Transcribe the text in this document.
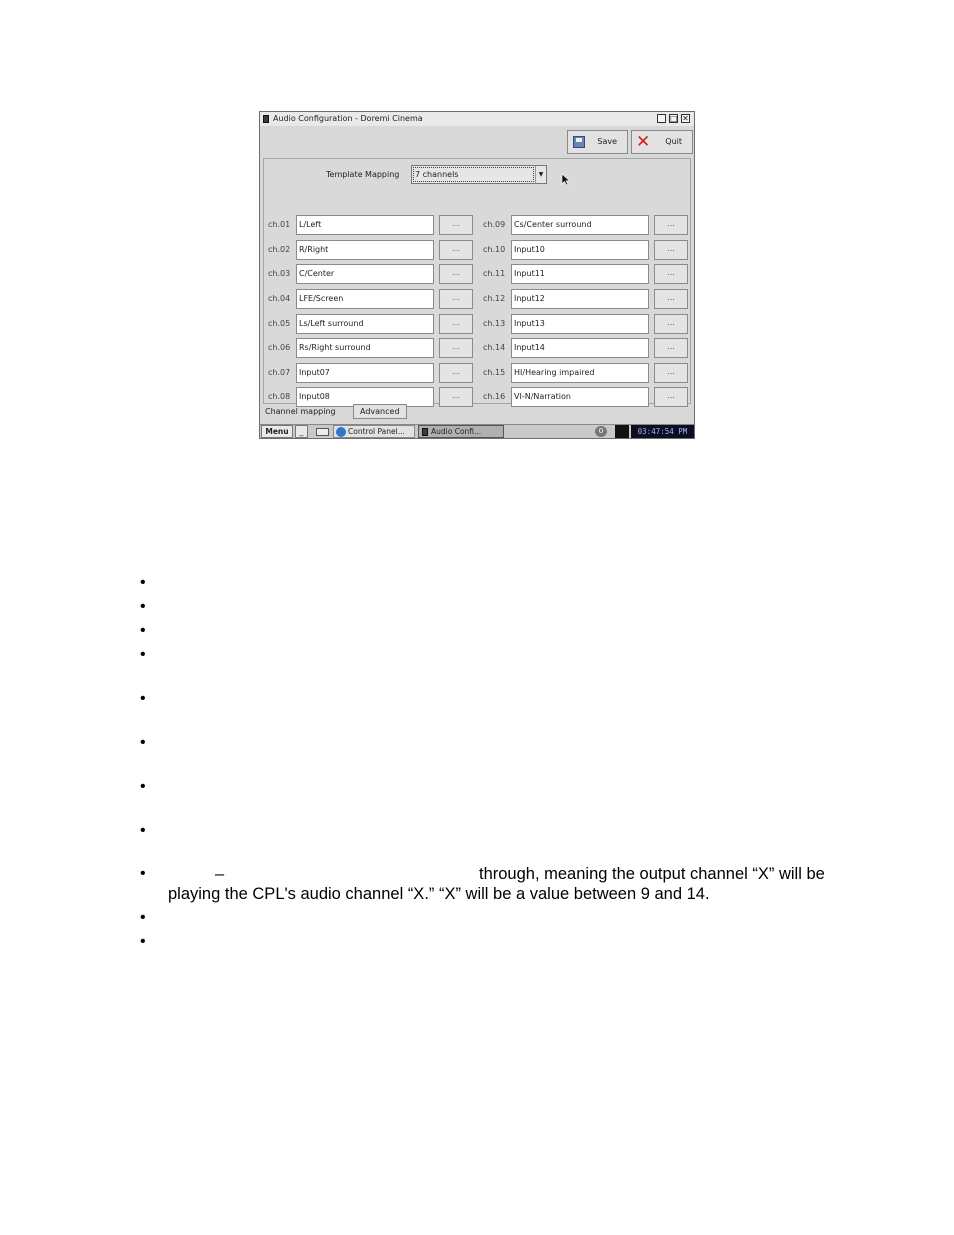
Audio Configuration - Doremi Cinema	_ □ ✕
Save ✕ Quit
Template Mapping 7 channels	▼
ch.01	L/Left	...
ch.02	R/Right	...
ch.03	C/Center	...
ch.04	LFE/Screen	...
ch.05	Ls/Left surround	...
ch.06	Rs/Right surround	...
ch.07	Input07	...
ch.08	Input08	...
ch.09	Cs/Center surround	...
ch.10	Input10	...
ch.11	Input11	...
ch.12	Input12	...
ch.13	Input13	...
ch.14	Input14	...
ch.15	HI/Hearing impaired	...
ch.16	VI-N/Narration	...
Channel mapping	Advanced
Menu	_	Control Panel...	Audio Confi...	0	03:47:54 PM
•
•
•
•
•
•
•
•
•
•
•
–	through, meaning the output channel “X” will be
playing the CPL's audio channel “X.” “X” will be a value between 9 and 14.
